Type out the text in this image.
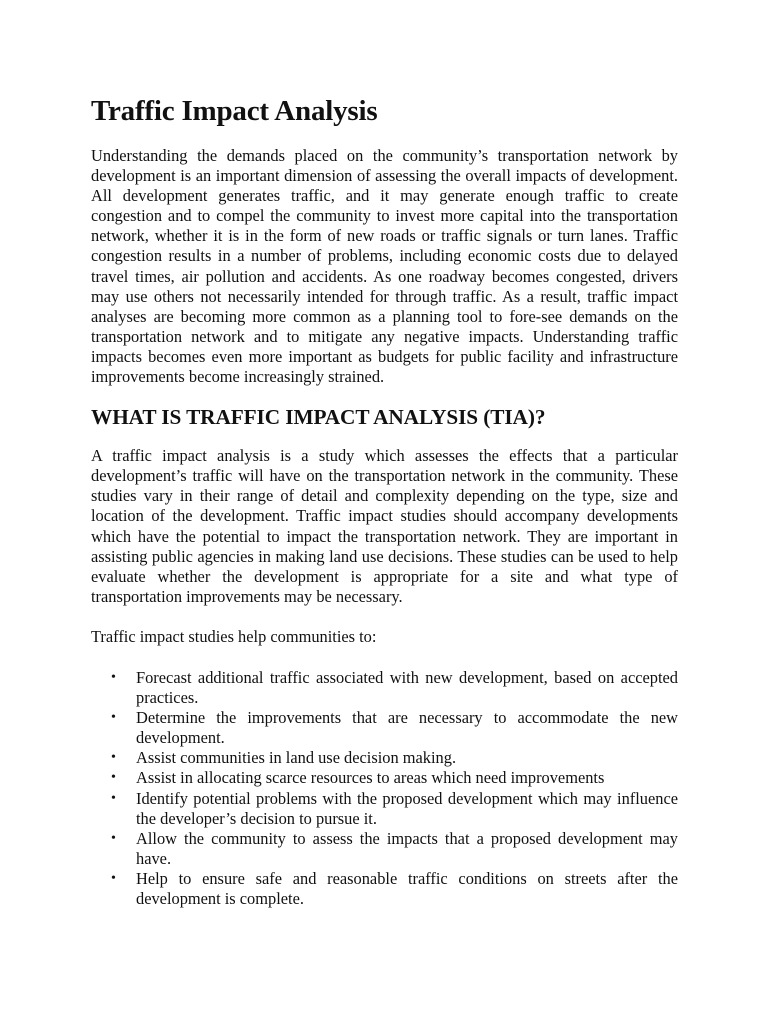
Traffic Impact Analysis

Understanding the demands placed on the community’s transportation network by development is an important dimension of assessing the overall impacts of development. All development generates traffic, and it may generate enough traffic to create congestion and to compel the community to invest more capital into the transportation network, whether it is in the form of new roads or traffic signals or turn lanes. Traffic congestion results in a number of problems, including economic costs due to delayed travel times, air pollution and accidents. As one roadway becomes congested, drivers may use others not necessarily intended for through traffic. As a result, traffic impact analyses are becoming more common as a planning tool to fore-see demands on the transportation network and to mitigate any negative impacts. Understanding traffic impacts becomes even more important as budgets for public facility and infrastructure improvements become increasingly strained.

WHAT IS TRAFFIC IMPACT ANALYSIS (TIA)?

A traffic impact analysis is a study which assesses the effects that a particular development’s traffic will have on the transportation network in the community. These studies vary in their range of detail and complexity depending on the type, size and location of the development. Traffic impact studies should accompany developments which have the potential to impact the transportation network. They are important in assisting public agencies in making land use decisions. These studies can be used to help evaluate whether the development is appropriate for a site and what type of transportation improvements may be necessary.

Traffic impact studies help communities to:

• Forecast additional traffic associated with new development, based on accepted practices.
• Determine the improvements that are necessary to accommodate the new development.
• Assist communities in land use decision making.
• Assist in allocating scarce resources to areas which need improvements
• Identify potential problems with the proposed development which may influence the developer’s decision to pursue it.
• Allow the community to assess the impacts that a proposed development may have.
• Help to ensure safe and reasonable traffic conditions on streets after the development is complete.
